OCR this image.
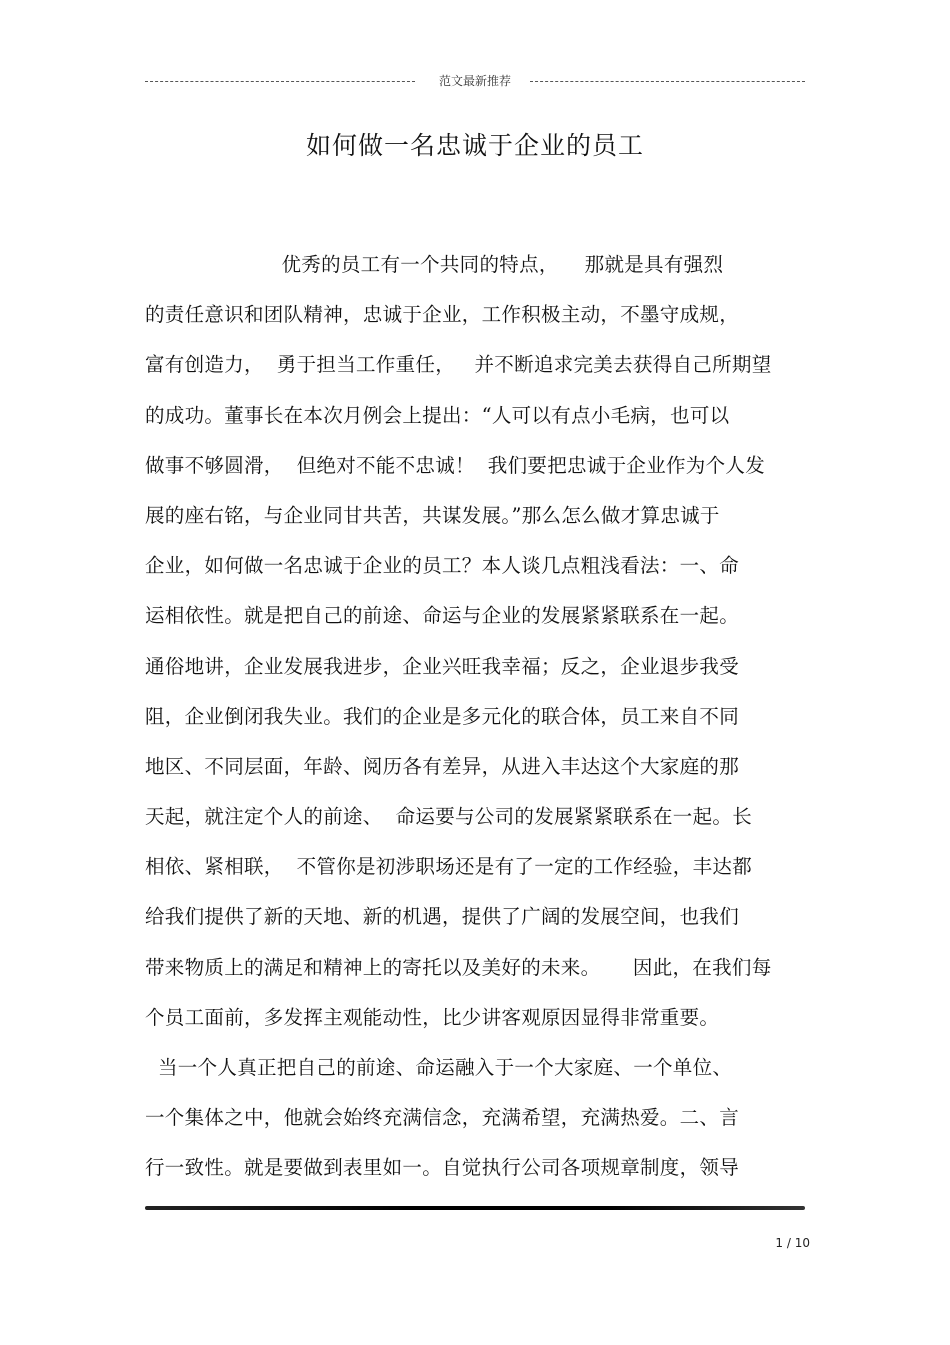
范文最新推荐
如何做一名忠诚于企业的员工
优秀的员工有一个共同的特点，    那就是具有强烈
的责任意识和团队精神，忠诚于企业，工作积极主动，不墨守成规，
富有创造力，  勇于担当工作重任，   并不断追求完美去获得自己所期望
的成功。董事长在本次月例会上提出：“人可以有点小毛病，也可以
做事不够圆滑，  但绝对不能不忠诚！  我们要把忠诚于企业作为个人发
展的座右铭，与企业同甘共苦，共谋发展。”那么怎么做才算忠诚于
企业，如何做一名忠诚于企业的员工？本人谈几点粗浅看法：一、命
运相依性。就是把自己的前途、命运与企业的发展紧紧联系在一起。
通俗地讲，企业发展我进步，企业兴旺我幸福；反之，企业退步我受
阻，企业倒闭我失业。我们的企业是多元化的联合体，员工来自不同
地区、不同层面，年龄、阅历各有差异，从进入丰达这个大家庭的那
天起，就注定个人的前途、  命运要与公司的发展紧紧联系在一起。长
相依、紧相联，  不管你是初涉职场还是有了一定的工作经验，丰达都
给我们提供了新的天地、新的机遇，提供了广阔的发展空间，也我们
带来物质上的满足和精神上的寄托以及美好的未来。     因此，在我们每
个员工面前，多发挥主观能动性，比少讲客观原因显得非常重要。
当一个人真正把自己的前途、命运融入于一个大家庭、一个单位、
一个集体之中，他就会始终充满信念，充满希望，充满热爱。二、言
行一致性。就是要做到表里如一。自觉执行公司各项规章制度，领导
1 / 10
